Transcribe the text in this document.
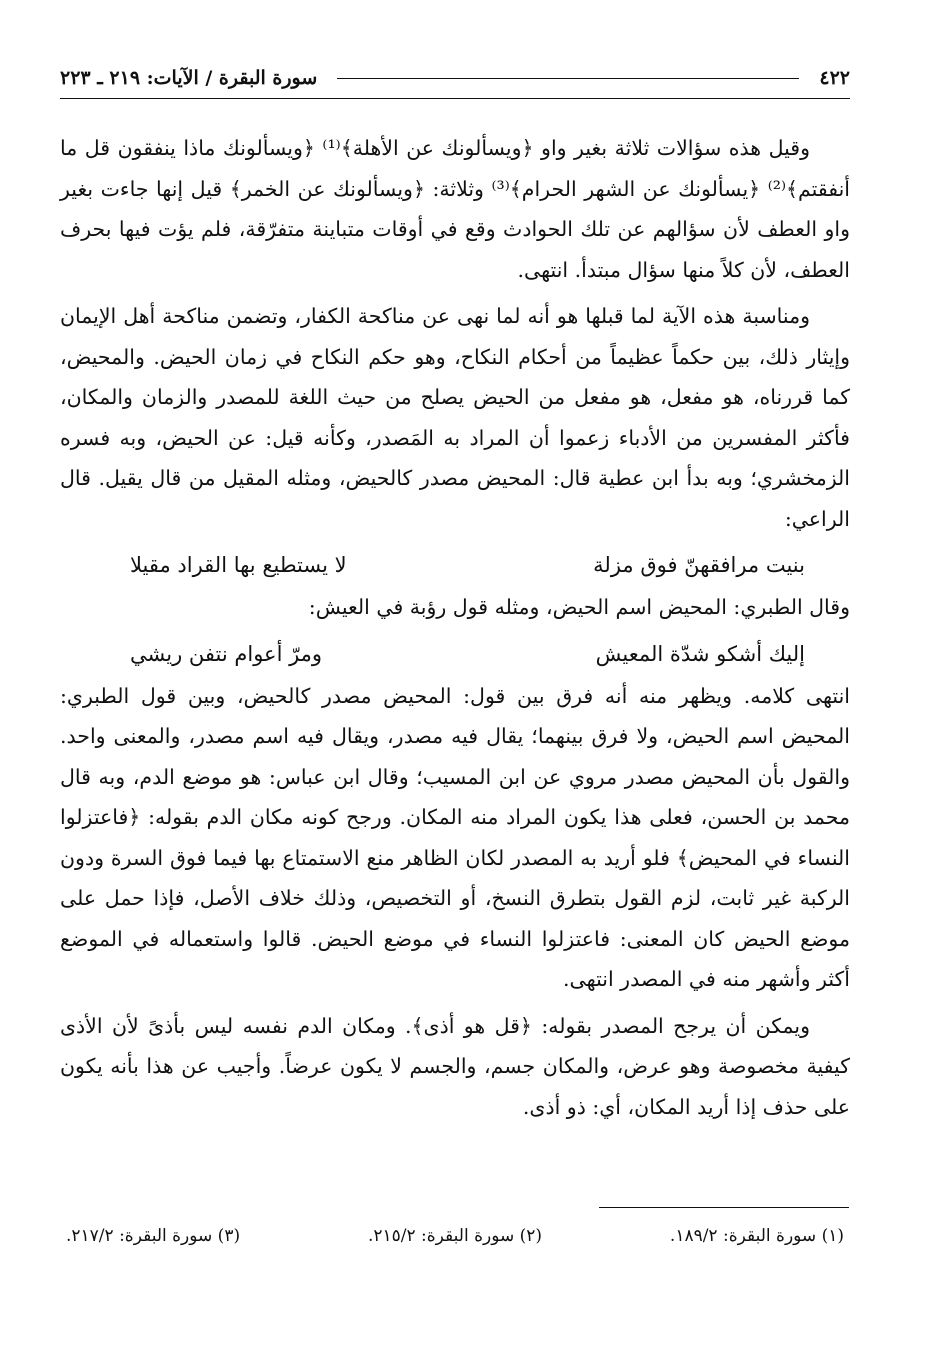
٤٢٢
سورة البقرة / الآيات: ٢١٩ ـ ٢٢٣

وقيل هذه سؤالات ثلاثة بغير واو ﴿ويسألونك عن الأهلة﴾⁽¹⁾ ﴿ويسألونك ماذا ينفقون قل ما أنفقتم﴾⁽²⁾ ﴿يسألونك عن الشهر الحرام﴾⁽³⁾ وثلاثة: ﴿ويسألونك عن الخمر﴾ قيل إنها جاءت بغير واو العطف لأن سؤالهم عن تلك الحوادث وقع في أوقات متباينة متفرّقة، فلم يؤت فيها بحرف العطف، لأن كلاً منها سؤال مبتدأ. انتهى.

ومناسبة هذه الآية لما قبلها هو أنه لما نهى عن مناكحة الكفار، وتضمن مناكحة أهل الإيمان وإيثار ذلك، بين حكماً عظيماً من أحكام النكاح، وهو حكم النكاح في زمان الحيض. والمحيض، كما قررناه، هو مفعل، هو مفعل من الحيض يصلح من حيث اللغة للمصدر والزمان والمكان، فأكثر المفسرين من الأدباء زعموا أن المراد به المَصدر، وكأنه قيل: عن الحيض، وبه فسره الزمخشري؛ وبه بدأ ابن عطية قال: المحيض مصدر كالحيض، ومثله المقيل من قال يقيل. قال الراعي:

بنيت مرافقهنّ فوق مزلة
لا يستطيع بها القراد مقيلا

وقال الطبري: المحيض اسم الحيض، ومثله قول رؤبة في العيش:

إليك أشكو شدّة المعيش
ومرّ أعوام نتفن ريشي

انتهى كلامه. ويظهر منه أنه فرق بين قول: المحيض مصدر كالحيض، وبين قول الطبري: المحيض اسم الحيض، ولا فرق بينهما؛ يقال فيه مصدر، ويقال فيه اسم مصدر، والمعنى واحد. والقول بأن المحيض مصدر مروي عن ابن المسيب؛ وقال ابن عباس: هو موضع الدم، وبه قال محمد بن الحسن، فعلى هذا يكون المراد منه المكان. ورجح كونه مكان الدم بقوله: ﴿فاعتزلوا النساء في المحيض﴾ فلو أريد به المصدر لكان الظاهر منع الاستمتاع بها فيما فوق السرة ودون الركبة غير ثابت، لزم القول بتطرق النسخ، أو التخصيص، وذلك خلاف الأصل، فإذا حمل على موضع الحيض كان المعنى: فاعتزلوا النساء في موضع الحيض. قالوا واستعماله في الموضع أكثر وأشهر منه في المصدر انتهى.

ويمكن أن يرجح المصدر بقوله: ﴿قل هو أذى﴾. ومكان الدم نفسه ليس بأذىً لأن الأذى كيفية مخصوصة وهو عرض، والمكان جسم، والجسم لا يكون عرضاً. وأجيب عن هذا بأنه يكون على حذف إذا أريد المكان، أي: ذو أذى.

(١) سورة البقرة: ١٨٩/٢.
(٢) سورة البقرة: ٢١٥/٢.
(٣) سورة البقرة: ٢١٧/٢.
